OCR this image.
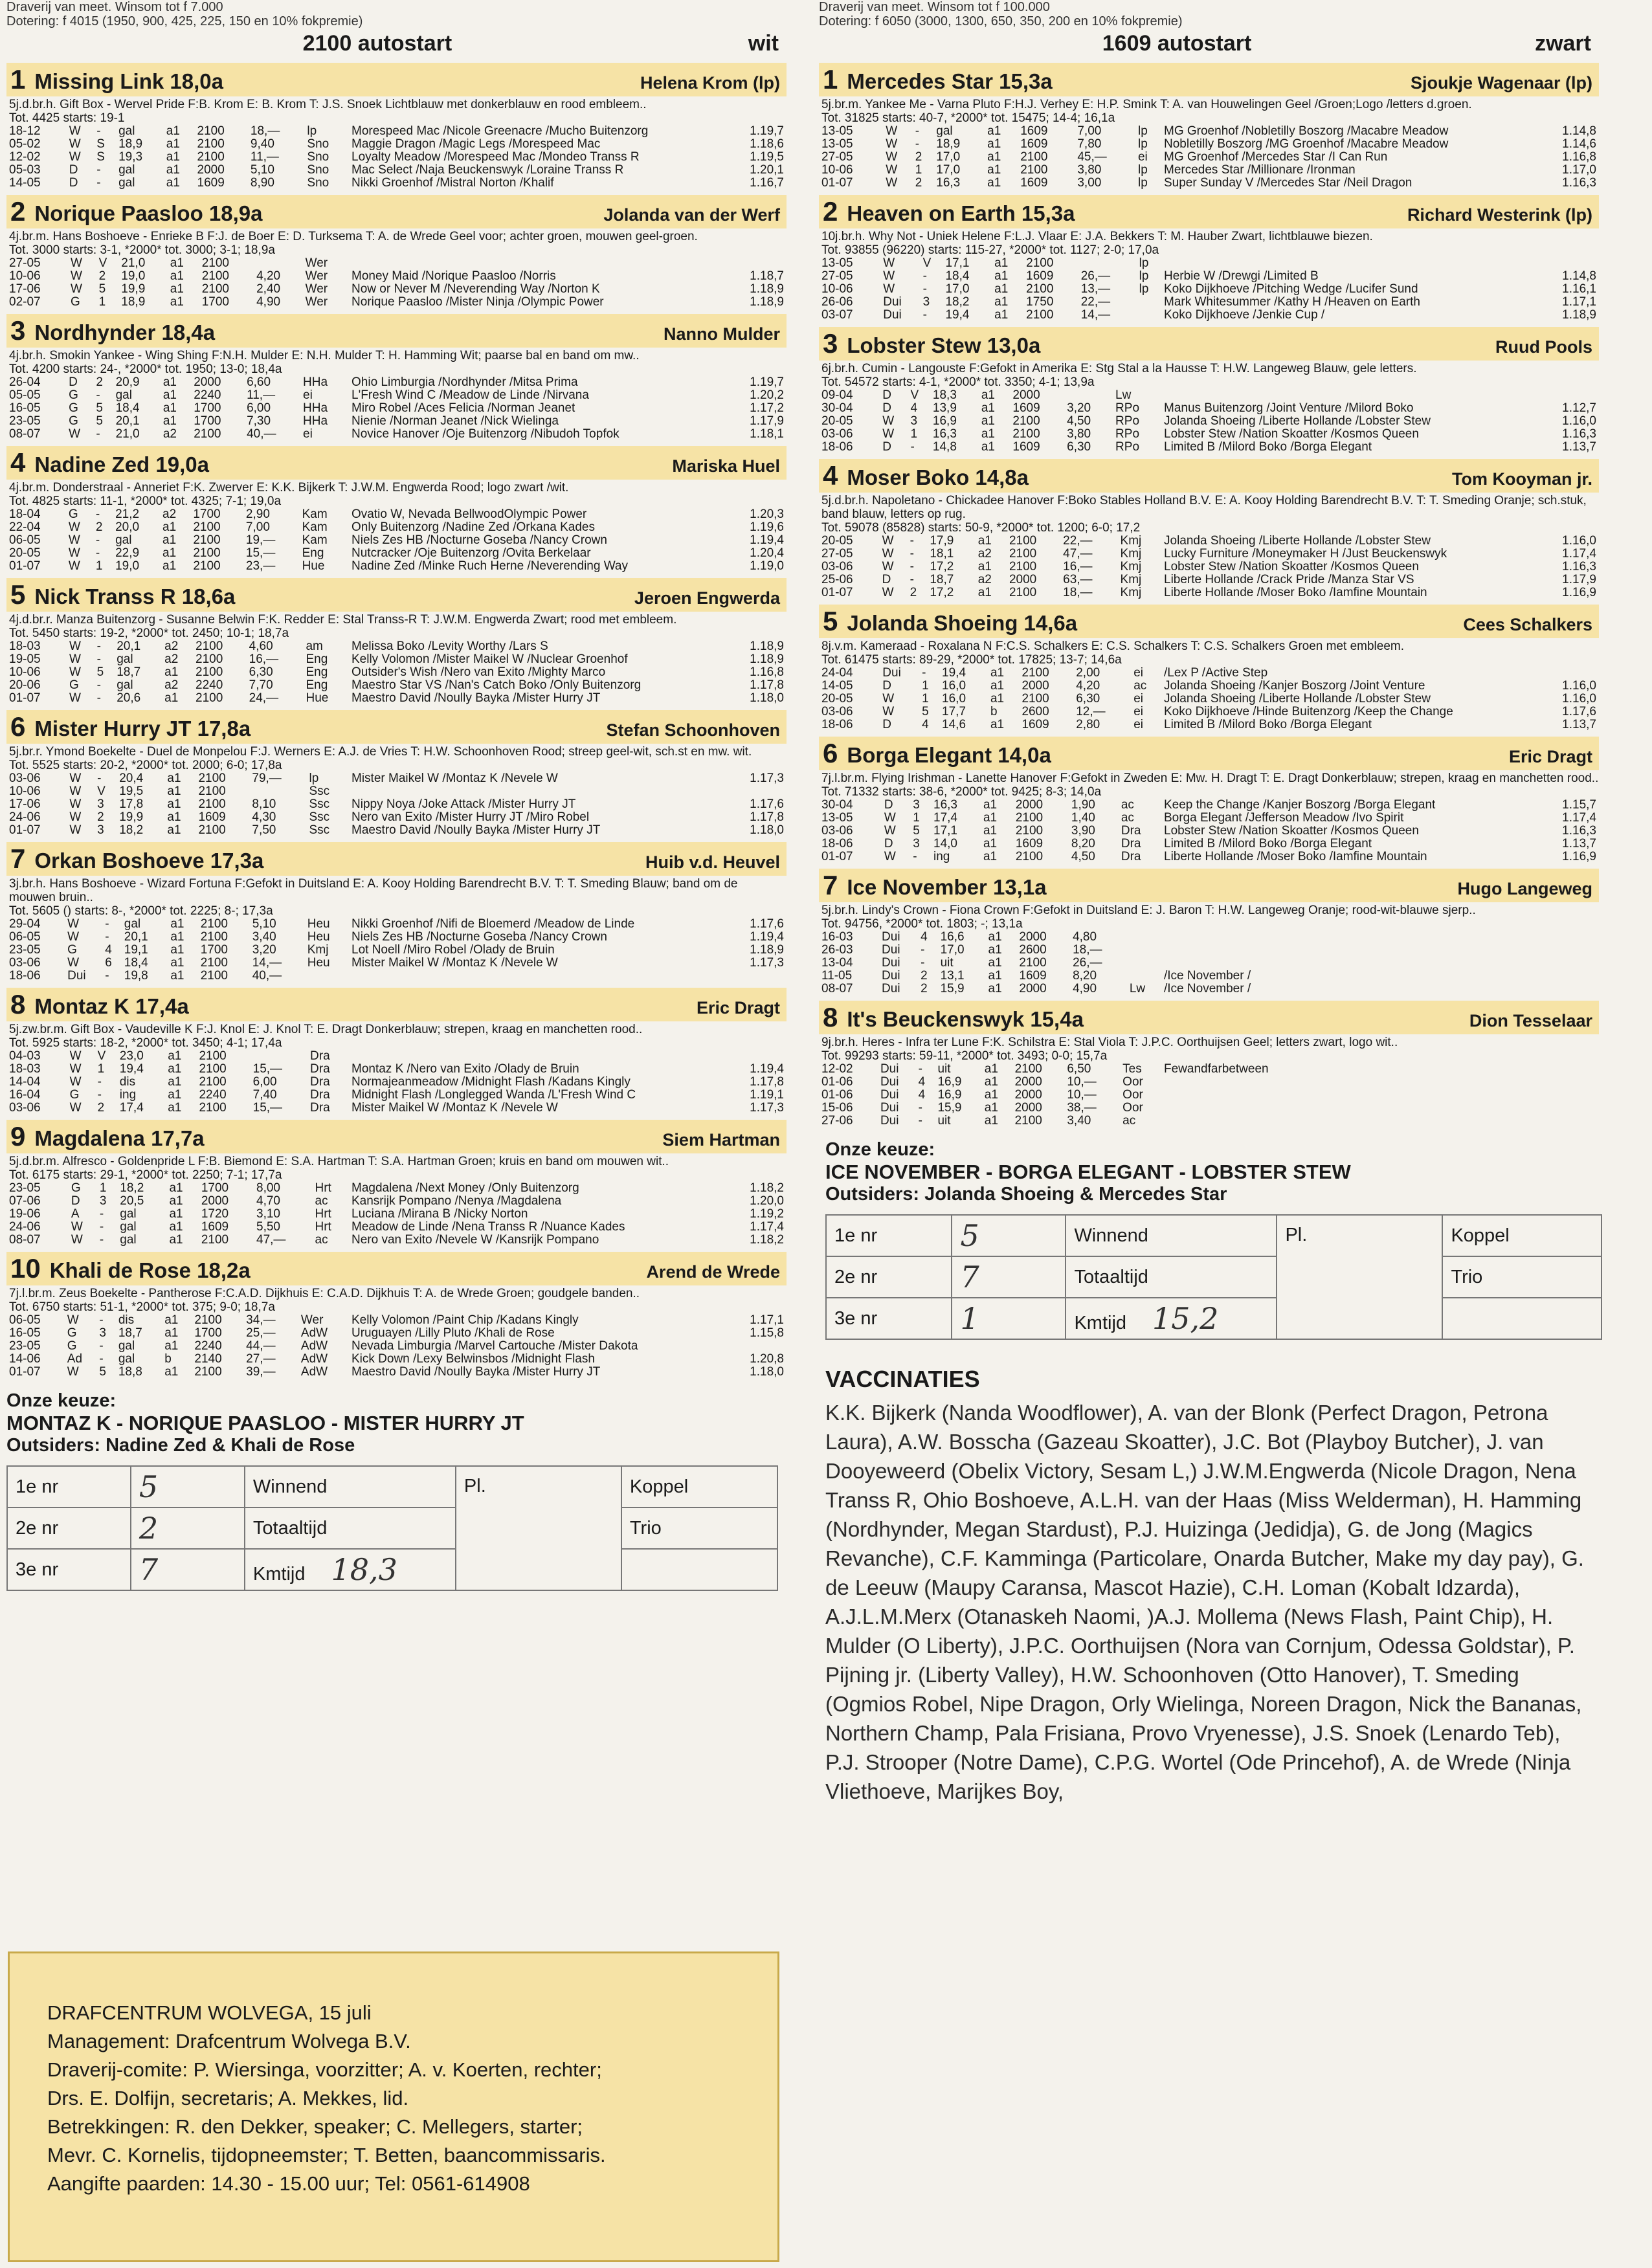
Draverij van meet. Winsom tot f 7.000
Dotering: f 4015 (1950, 900, 425, 225, 150 en 10% fokpremie)
2100 autostart	wit
1 Missing Link 18,0a	Helena Krom (lp)
5j.d.br.h. Gift Box - Wervel Pride F:B. Krom E: B. Krom T: J.S. Snoek Lichtblauw met donkerblauw en rood embleem..
Tot. 4425 starts: 19-1
18-12	W	-	gal	a1	2100	18,—	lp	Morespeed Mac /Nicole Greenacre /Mucho Buitenzorg	1.19,7
05-02	W	S	18,9	a1	2100	9,40	Sno	Maggie Dragon /Magic Legs /Morespeed Mac	1.18,6
12-02	W	S	19,3	a1	2100	11,—	Sno	Loyalty Meadow /Morespeed Mac /Mondeo Transs R	1.19,5
05-03	D	-	gal	a1	2000	5,10	Sno	Mac Select /Naja Beuckenswyk /Loraine Transs R	1.20,1
14-05	D	-	gal	a1	1609	8,90	Sno	Nikki Groenhof /Mistral Norton /Khalif	1.16,7
2 Norique Paasloo 18,9a	Jolanda van der Werf
4j.br.m. Hans Boshoeve - Enrieke B F:J. de Boer E: D. Turksema T: A. de Wrede Geel voor; achter groen, mouwen geel-groen.
Tot. 3000 starts: 3-1, *2000* tot. 3000; 3-1; 18,9a
27-05	W	V	21,0	a1	2100		Wer		
10-06	W	2	19,0	a1	2100	4,20	Wer	Money Maid /Norique Paasloo /Norris	1.18,7
17-06	W	5	19,9	a1	2100	2,40	Wer	Now or Never M /Neverending Way /Norton K	1.18,9
02-07	G	1	18,9	a1	1700	4,90	Wer	Norique Paasloo /Mister Ninja /Olympic Power	1.18,9
3 Nordhynder 18,4a	Nanno Mulder
4j.br.h. Smokin Yankee - Wing Shing F:N.H. Mulder E: N.H. Mulder T: H. Hamming Wit; paarse bal en band om mw..
Tot. 4200 starts: 24-, *2000* tot. 1950; 13-0; 18,4a
26-04	D	2	20,9	a1	2000	6,60	HHa	Ohio Limburgia /Nordhynder /Mitsa Prima	1.19,7
05-05	G	-	gal	a1	2240	11,—	ei	L'Fresh Wind C /Meadow de Linde /Nirvana	1.20,2
16-05	G	5	18,4	a1	1700	6,00	HHa	Miro Robel /Aces Felicia /Norman Jeanet	1.17,2
23-05	G	5	20,1	a1	1700	7,30	HHa	Nienie /Norman Jeanet /Nick Wielinga	1.17,9
08-07	W	-	21,0	a2	2100	40,—	ei	Novice Hanover /Oje Buitenzorg /Nibudoh Topfok	1.18,1
4 Nadine Zed 19,0a	Mariska Huel
4j.br.m. Donderstraal - Anneriet F:K. Zwerver E: K.K. Bijkerk T: J.W.M. Engwerda Rood; logo zwart /wit.
Tot. 4825 starts: 11-1, *2000* tot. 4325; 7-1; 19,0a
18-04	G	-	21,2	a2	1700	2,90	Kam	Ovatio W, Nevada BellwoodOlympic Power	1.20,3
22-04	W	2	20,0	a1	2100	7,00	Kam	Only Buitenzorg /Nadine Zed /Orkana Kades	1.19,6
06-05	W	-	gal	a1	2100	19,—	Kam	Niels Zes HB /Nocturne Goseba /Nancy Crown	1.19,4
20-05	W	-	22,9	a1	2100	15,—	Eng	Nutcracker /Oje Buitenzorg /Ovita Berkelaar	1.20,4
01-07	W	1	19,0	a1	2100	23,—	Hue	Nadine Zed /Minke Ruch Herne /Neverending Way	1.19,0
5 Nick Transs R 18,6a	Jeroen Engwerda
4j.d.br.r. Manza Buitenzorg - Susanne Belwin F:K. Redder E: Stal Transs-R T: J.W.M. Engwerda Zwart; rood met embleem.
Tot. 5450 starts: 19-2, *2000* tot. 2450; 10-1; 18,7a
18-03	W	-	20,1	a2	2100	4,60	am	Melissa Boko /Levity Worthy /Lars S	1.18,9
19-05	W	-	gal	a2	2100	16,—	Eng	Kelly Volomon /Mister Maikel W /Nuclear Groenhof	1.18,9
10-06	W	5	18,7	a1	2100	6,30	Eng	Outsider's Wish /Nero van Exito /Mighty Marco	1.16,8
20-06	G	-	gal	a2	2240	7,70	Eng	Maestro Star VS /Nan's Catch Boko /Only Buitenzorg	1.17,8
01-07	W	-	20,6	a1	2100	24,—	Hue	Maestro David /Noully Bayka /Mister Hurry JT	1.18,0
6 Mister Hurry JT 17,8a	Stefan Schoonhoven
5j.br.r. Ymond Boekelte - Duel de Monpelou F:J. Werners E: A.J. de Vries T: H.W. Schoonhoven Rood; streep geel-wit, sch.st en mw. wit.
Tot. 5525 starts: 20-2, *2000* tot. 2000; 6-0; 17,8a
03-06	W	-	20,4	a1	2100	79,—	lp	Mister Maikel W /Montaz K /Nevele W	1.17,3
10-06	W	V	19,5	a1	2100		Ssc		
17-06	W	3	17,8	a1	2100	8,10	Ssc	Nippy Noya /Joke Attack /Mister Hurry JT	1.17,6
24-06	W	2	19,9	a1	1609	4,30	Ssc	Nero van Exito /Mister Hurry JT /Miro Robel	1.17,8
01-07	W	3	18,2	a1	2100	7,50	Ssc	Maestro David /Noully Bayka /Mister Hurry JT	1.18,0
7 Orkan Boshoeve 17,3a	Huib v.d. Heuvel
3j.br.h. Hans Boshoeve - Wizard Fortuna F:Gefokt in Duitsland E: A. Kooy Holding Barendrecht B.V. T: T. Smeding Blauw; band om de mouwen bruin..
Tot. 5605 () starts: 8-, *2000* tot. 2225; 8-; 17,3a
29-04	W	-	gal	a1	2100	5,10	Heu	Nikki Groenhof /Nifi de Bloemerd /Meadow de Linde	1.17,6
06-05	W	-	20,1	a1	2100	3,40	Heu	Niels Zes HB /Nocturne Goseba /Nancy Crown	1.19,4
23-05	G	4	19,1	a1	1700	3,20	Kmj	Lot Noell /Miro Robel /Olady de Bruin	1.18,9
03-06	W	6	18,4	a1	2100	14,—	Heu	Mister Maikel W /Montaz K /Nevele W	1.17,3
18-06	Dui	-	19,8	a1	2100	40,—			
8 Montaz K 17,4a	Eric Dragt
5j.zw.br.m. Gift Box - Vaudeville K F:J. Knol E: J. Knol T: E. Dragt Donkerblauw; strepen, kraag en manchetten rood..
Tot. 5925 starts: 18-2, *2000* tot. 3450; 4-1; 17,4a
04-03	W	V	23,0	a1	2100		Dra		
18-03	W	1	19,4	a1	2100	15,—	Dra	Montaz K /Nero van Exito /Olady de Bruin	1.19,4
14-04	W	-	dis	a1	2100	6,00	Dra	Normajeanmeadow /Midnight Flash /Kadans Kingly	1.17,8
16-04	G	-	ing	a1	2240	7,40	Dra	Midnight Flash /Longlegged Wanda /L'Fresh Wind C	1.19,1
03-06	W	2	17,4	a1	2100	15,—	Dra	Mister Maikel W /Montaz K /Nevele W	1.17,3
9 Magdalena 17,7a	Siem Hartman
5j.d.br.m. Alfresco - Goldenpride L F:B. Biemond E: S.A. Hartman T: S.A. Hartman Groen; kruis en band om mouwen wit..
Tot. 6175 starts: 29-1, *2000* tot. 2250; 7-1; 17,7a
23-05	G	1	18,2	a1	1700	8,00	Hrt	Magdalena /Next Money /Only Buitenzorg	1.18,2
07-06	D	3	20,5	a1	2000	4,70	ac	Kansrijk Pompano /Nenya /Magdalena	1.20,0
19-06	A	-	gal	a1	1720	3,10	Hrt	Luciana /Mirana B /Nicky Norton	1.19,2
24-06	W	-	gal	a1	1609	5,50	Hrt	Meadow de Linde /Nena Transs R /Nuance Kades	1.17,4
08-07	W	-	gal	a1	2100	47,—	ac	Nero van Exito /Nevele W /Kansrijk Pompano	1.18,2
10 Khali de Rose 18,2a	Arend de Wrede
7j.l.br.m. Zeus Boekelte - Pantherose F:C.A.D. Dijkhuis E: C.A.D. Dijkhuis T: A. de Wrede Groen; goudgele banden..
Tot. 6750 starts: 51-1, *2000* tot. 375; 9-0; 18,7a
06-05	W	-	dis	a1	2100	34,—	Wer	Kelly Volomon /Paint Chip /Kadans Kingly	1.17,1
16-05	G	3	18,7	a1	1700	25,—	AdW	Uruguayen /Lilly Pluto /Khali de Rose	1.15,8
23-05	G	-	gal	a1	2240	44,—	AdW	Nevada Limburgia /Marvel Cartouche /Mister Dakota	
14-06	Ad	-	gal	b	2140	27,—	AdW	Kick Down /Lexy Belwinsbos /Midnight Flash	1.20,8
01-07	W	5	18,8	a1	2100	39,—	AdW	Maestro David /Noully Bayka /Mister Hurry JT	1.18,0
Onze keuze:
MONTAZ K - NORIQUE PAASLOO - MISTER HURRY JT
Outsiders: Nadine Zed & Khali de Rose
1e nr	5	Winnend	Pl.	Koppel
2e nr	2	Totaaltijd		Trio
3e nr	7	Kmtijd 18,3		
DRAFCENTRUM WOLVEGA, 15 juli
Management: Drafcentrum Wolvega B.V.
Draverij-comite: P. Wiersinga, voorzitter; A. v. Koerten, rechter;
Drs. E. Dolfijn, secretaris; A. Mekkes, lid.
Betrekkingen: R. den Dekker, speaker; C. Mellegers, starter;
Mevr. C. Kornelis, tijdopneemster; T. Betten, baancommissaris.
Aangifte paarden: 14.30 - 15.00 uur; Tel: 0561-614908
Draverij van meet. Winsom tot f 100.000
Dotering: f 6050 (3000, 1300, 650, 350, 200 en 10% fokpremie)
1609 autostart	zwart
1 Mercedes Star 15,3a	Sjoukje Wagenaar (lp)
5j.br.m. Yankee Me - Varna Pluto F:H.J. Verhey E: H.P. Smink T: A. van Houwelingen Geel /Groen;Logo /letters d.groen.
Tot. 31825 starts: 40-7, *2000* tot. 15475; 14-4; 16,1a
13-05	W	-	gal	a1	1609	7,00	lp	MG Groenhof /Nobletilly Boszorg /Macabre Meadow	1.14,8
13-05	W	-	18,9	a1	1609	7,80	lp	Nobletilly Boszorg /MG Groenhof /Macabre Meadow	1.14,6
27-05	W	2	17,0	a1	2100	45,—	ei	MG Groenhof /Mercedes Star /I Can Run	1.16,8
10-06	W	1	17,0	a1	2100	3,80	lp	Mercedes Star /Millionare /Ironman	1.17,0
01-07	W	2	16,3	a1	1609	3,00	lp	Super Sunday V /Mercedes Star /Neil Dragon	1.16,3
2 Heaven on Earth 15,3a	Richard Westerink (lp)
10j.br.h. Why Not - Uniek Helene F:L.J. Vlaar E: J.A. Bekkers T: M. Hauber Zwart, lichtblauwe biezen.
Tot. 93855 (96220) starts: 115-27, *2000* tot. 1127; 2-0; 17,0a
13-05	W	V	17,1	a1	2100		lp		
27-05	W	-	18,4	a1	1609	26,—	lp	Herbie W /Drewgi /Limited B	1.14,8
10-06	W	-	17,0	a1	2100	13,—	lp	Koko Dijkhoeve /Pitching Wedge /Lucifer Sund	1.16,1
26-06	Dui	3	18,2	a1	1750	22,—		Mark Whitesummer /Kathy H /Heaven on Earth	1.17,1
03-07	Dui	-	19,4	a1	2100	14,—		Koko Dijkhoeve /Jenkie Cup /	1.18,9
3 Lobster Stew 13,0a	Ruud Pools
6j.br.h. Cumin - Langouste F:Gefokt in Amerika E: Stg Stal a la Hausse T: H.W. Langeweg Blauw, gele letters.
Tot. 54572 starts: 4-1, *2000* tot. 3350; 4-1; 13,9a
09-04	D	V	18,3	a1	2000		Lw		
30-04	D	4	13,9	a1	1609	3,20	RPo	Manus Buitenzorg /Joint Venture /Milord Boko	1.12,7
20-05	W	3	16,9	a1	2100	4,50	RPo	Jolanda Shoeing /Liberte Hollande /Lobster Stew	1.16,0
03-06	W	1	16,3	a1	2100	3,80	RPo	Lobster Stew /Nation Skoatter /Kosmos Queen	1.16,3
18-06	D	-	14,8	a1	1609	6,30	RPo	Limited B /Milord Boko /Borga Elegant	1.13,7
4 Moser Boko 14,8a	Tom Kooyman jr.
5j.d.br.h. Napoletano - Chickadee Hanover F:Boko Stables Holland B.V. E: A. Kooy Holding Barendrecht B.V. T: T. Smeding Oranje; sch.stuk, band blauw, letters op rug.
Tot. 59078 (85828) starts: 50-9, *2000* tot. 1200; 6-0; 17,2
20-05	W	-	17,9	a1	2100	22,—	Kmj	Jolanda Shoeing /Liberte Hollande /Lobster Stew	1.16,0
27-05	W	-	18,1	a2	2100	47,—	Kmj	Lucky Furniture /Moneymaker H /Just Beuckenswyk	1.17,4
03-06	W	-	17,2	a1	2100	16,—	Kmj	Lobster Stew /Nation Skoatter /Kosmos Queen	1.16,3
25-06	D	-	18,7	a2	2000	63,—	Kmj	Liberte Hollande /Crack Pride /Manza Star VS	1.17,9
01-07	W	2	17,2	a1	2100	18,—	Kmj	Liberte Hollande /Moser Boko /Iamfine Mountain	1.16,9
5 Jolanda Shoeing 14,6a	Cees Schalkers
8j.v.m. Kameraad - Roxalana N F:C.S. Schalkers E: C.S. Schalkers T: C.S. Schalkers Groen met embleem.
Tot. 61475 starts: 89-29, *2000* tot. 17825; 13-7; 14,6a
24-04	Dui	-	19,4	a1	2100	2,00	ei	/Lex P /Active Step	
14-05	D	1	16,0	a1	2000	4,20	ac	Jolanda Shoeing /Kanjer Boszorg /Joint Venture	1.16,0
20-05	W	1	16,0	a1	2100	6,30	ei	Jolanda Shoeing /Liberte Hollande /Lobster Stew	1.16,0
03-06	W	5	17,7	b	2600	12,—	ei	Koko Dijkhoeve /Hinde Buitenzorg /Keep the Change	1.17,6
18-06	D	4	14,6	a1	1609	2,80	ei	Limited B /Milord Boko /Borga Elegant	1.13,7
6 Borga Elegant 14,0a	Eric Dragt
7j.l.br.m. Flying Irishman - Lanette Hanover F:Gefokt in Zweden E: Mw. H. Dragt T: E. Dragt Donkerblauw; strepen, kraag en manchetten rood..
Tot. 71332 starts: 38-6, *2000* tot. 9425; 8-3; 14,0a
30-04	D	3	16,3	a1	2000	1,90	ac	Keep the Change /Kanjer Boszorg /Borga Elegant	1.15,7
13-05	W	1	17,4	a1	2100	1,40	ac	Borga Elegant /Jefferson Meadow /Ivo Spirit	1.17,4
03-06	W	5	17,1	a1	2100	3,90	Dra	Lobster Stew /Nation Skoatter /Kosmos Queen	1.16,3
18-06	D	3	14,0	a1	1609	8,20	Dra	Limited B /Milord Boko /Borga Elegant	1.13,7
01-07	W	-	ing	a1	2100	4,50	Dra	Liberte Hollande /Moser Boko /Iamfine Mountain	1.16,9
7 Ice November 13,1a	Hugo Langeweg
5j.br.h. Lindy's Crown - Fiona Crown F:Gefokt in Duitsland E: J. Baron T: H.W. Langeweg Oranje; rood-wit-blauwe sjerp..
Tot. 94756, *2000* tot. 1803; -; 13,1a
16-03	Dui	4	16,6	a1	2000	4,80			
26-03	Dui	-	17,0	a1	2600	18,—			
13-04	Dui	-	uit	a1	2100	26,—			
11-05	Dui	2	13,1	a1	1609	8,20		/Ice November /	
08-07	Dui	2	15,9	a1	2000	4,90	Lw	/Ice November /	
8 It's Beuckenswyk 15,4a	Dion Tesselaar
9j.br.h. Heres - Infra ter Lune F:K. Schilstra E: Stal Viola T: J.P.C. Oorthuijsen Geel; letters zwart, logo wit..
Tot. 99293 starts: 59-11, *2000* tot. 3493; 0-0; 15,7a
12-02	Dui	-	uit	a1	2100	6,50	Tes	Fewandfarbetween	
01-06	Dui	4	16,9	a1	2000	10,—	Oor		
01-06	Dui	4	16,9	a1	2000	10,—	Oor		
15-06	Dui	-	15,9	a1	2000	38,—	Oor		
27-06	Dui	-	uit	a1	2100	3,40	ac		
Onze keuze:
ICE NOVEMBER - BORGA ELEGANT - LOBSTER STEW
Outsiders: Jolanda Shoeing & Mercedes Star
1e nr	5	Winnend	Pl.	Koppel
2e nr	7	Totaaltijd		Trio
3e nr	1	Kmtijd 15,2		
VACCINATIES
K.K. Bijkerk (Nanda Woodflower), A. van der Blonk (Perfect Dragon, Petrona Laura), A.W. Bosscha (Gazeau Skoatter), J.C. Bot (Playboy Butcher), J. van Dooyeweerd (Obelix Victory, Sesam L,) J.W.M.Engwerda (Nicole Dragon, Nena Transs R, Ohio Boshoeve, A.L.H. van der Haas (Miss Welderman), H. Hamming (Nordhynder, Megan Stardust), P.J. Huizinga (Jedidja), G. de Jong (Magics Revanche), C.F. Kamminga (Particolare, Onarda Butcher, Make my day pay), G. de Leeuw (Maupy Caransa, Mascot Hazie), C.H. Loman (Kobalt Idzarda), A.J.L.M.Merx (Otanaskeh Naomi, )A.J. Mollema (News Flash, Paint Chip), H. Mulder (O Liberty), J.P.C. Oorthuijsen (Nora van Cornjum, Odessa Goldstar), P. Pijning jr. (Liberty Valley), H.W. Schoonhoven (Otto Hanover), T. Smeding (Ogmios Robel, Nipe Dragon, Orly Wielinga, Noreen Dragon, Nick the Bananas, Northern Champ, Pala Frisiana, Provo Vryenesse), J.S. Snoek (Lenardo Teb), P.J. Strooper (Notre Dame), C.P.G. Wortel (Ode Princehof), A. de Wrede (Ninja Vliethoeve, Marijkes Boy,
